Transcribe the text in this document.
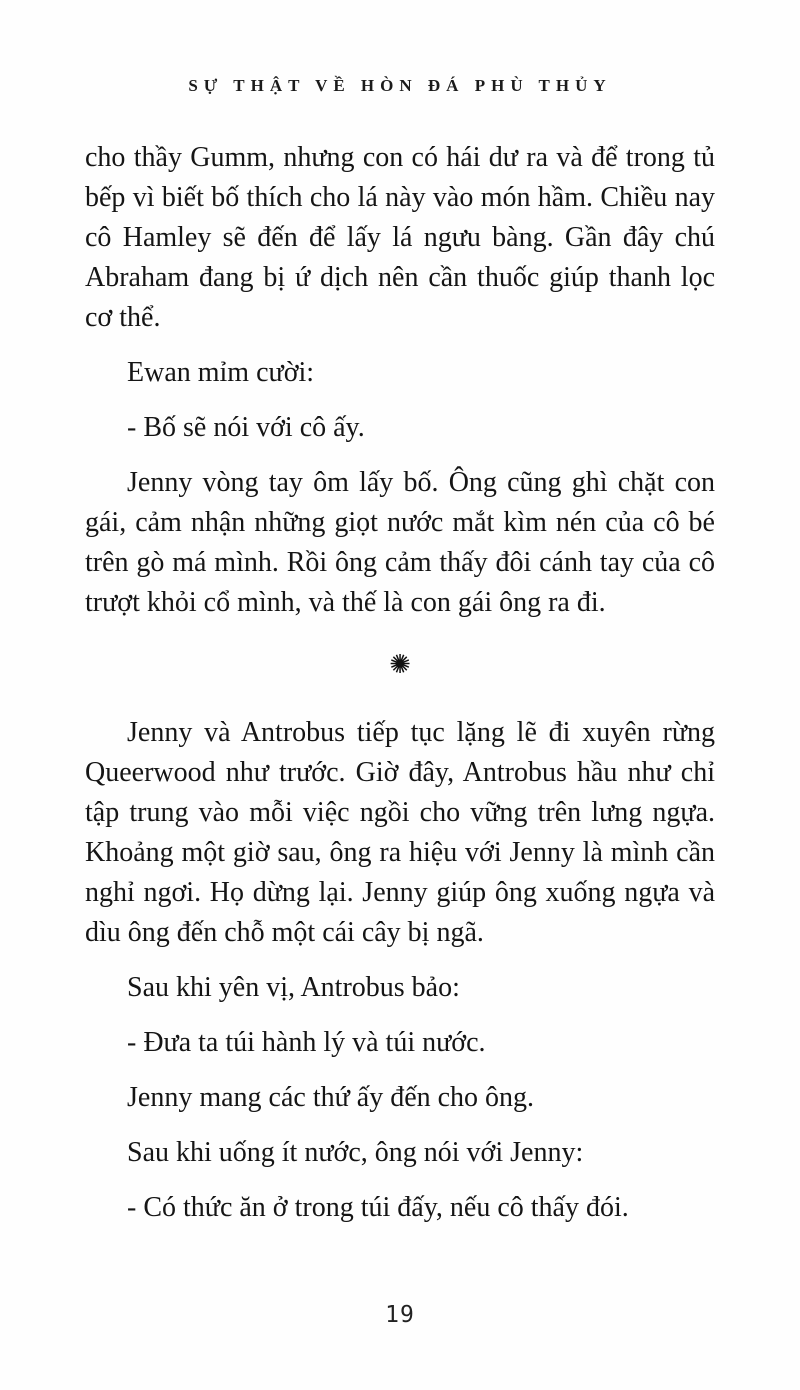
SỰ THẬT VỀ HÒN ĐÁ PHÙ THỦY

cho thầy Gumm, nhưng con có hái dư ra và để trong tủ bếp vì biết bố thích cho lá này vào món hầm. Chiều nay cô Hamley sẽ đến để lấy lá ngưu bàng. Gần đây chú Abraham đang bị ứ dịch nên cần thuốc giúp thanh lọc cơ thể.

Ewan mỉm cười:

- Bố sẽ nói với cô ấy.

Jenny vòng tay ôm lấy bố. Ông cũng ghì chặt con gái, cảm nhận những giọt nước mắt kìm nén của cô bé trên gò má mình. Rồi ông cảm thấy đôi cánh tay của cô trượt khỏi cổ mình, và thế là con gái ông ra đi.

✺

Jenny và Antrobus tiếp tục lặng lẽ đi xuyên rừng Queerwood như trước. Giờ đây, Antrobus hầu như chỉ tập trung vào mỗi việc ngồi cho vững trên lưng ngựa. Khoảng một giờ sau, ông ra hiệu với Jenny là mình cần nghỉ ngơi. Họ dừng lại. Jenny giúp ông xuống ngựa và dìu ông đến chỗ một cái cây bị ngã.

Sau khi yên vị, Antrobus bảo:

- Đưa ta túi hành lý và túi nước.

Jenny mang các thứ ấy đến cho ông.

Sau khi uống ít nước, ông nói với Jenny:

- Có thức ăn ở trong túi đấy, nếu cô thấy đói.

19
